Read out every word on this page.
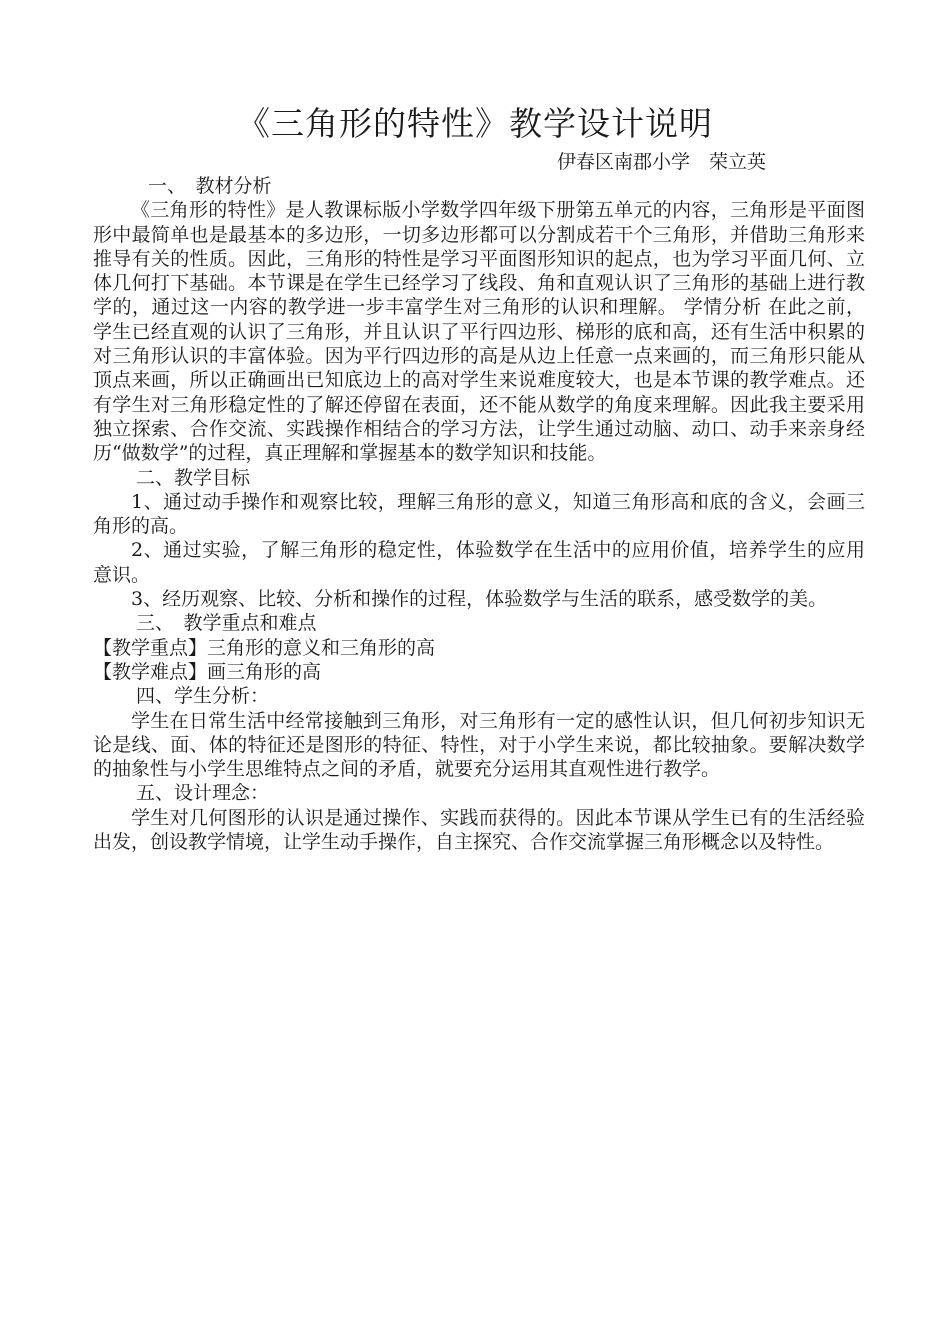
《三角形的特性》教学设计说明
伊春区南郡小学　荣立英

一、　教材分析

《三角形的特性》是人教课标版小学数学四年级下册第五单元的内容，三角形是平面图形中最简单也是最基本的多边形，一切多边形都可以分割成若干个三角形，并借助三角形来推导有关的性质。因此，三角形的特性是学习平面图形知识的起点，也为学习平面几何、立体几何打下基础。本节课是在学生已经学习了线段、角和直观认识了三角形的基础上进行教学的，通过这一内容的教学进一步丰富学生对三角形的认识和理解。 学情分析 在此之前，学生已经直观的认识了三角形，并且认识了平行四边形、梯形的底和高，还有生活中积累的对三角形认识的丰富体验。因为平行四边形的高是从边上任意一点来画的，而三角形只能从顶点来画，所以正确画出已知底边上的高对学生来说难度较大，也是本节课的教学难点。还有学生对三角形稳定性的了解还停留在表面，还不能从数学的角度来理解。因此我主要采用独立探索、合作交流、实践操作相结合的学习方法，让学生通过动脑、动口、动手来亲身经历“做数学”的过程，真正理解和掌握基本的数学知识和技能。

二、教学目标

1、通过动手操作和观察比较，理解三角形的意义，知道三角形高和底的含义，会画三角形的高。

2、通过实验，了解三角形的稳定性，体验数学在生活中的应用价值，培养学生的应用意识。

3、经历观察、比较、分析和操作的过程，体验数学与生活的联系，感受数学的美。

三、　教学重点和难点

【教学重点】三角形的意义和三角形的高

【教学难点】画三角形的高

四、学生分析：

学生在日常生活中经常接触到三角形，对三角形有一定的感性认识，但几何初步知识无论是线、面、体的特征还是图形的特征、特性，对于小学生来说，都比较抽象。要解决数学的抽象性与小学生思维特点之间的矛盾，就要充分运用其直观性进行教学。

五、设计理念：

学生对几何图形的认识是通过操作、实践而获得的。因此本节课从学生已有的生活经验出发，创设教学情境，让学生动手操作，自主探究、合作交流掌握三角形概念以及特性。
